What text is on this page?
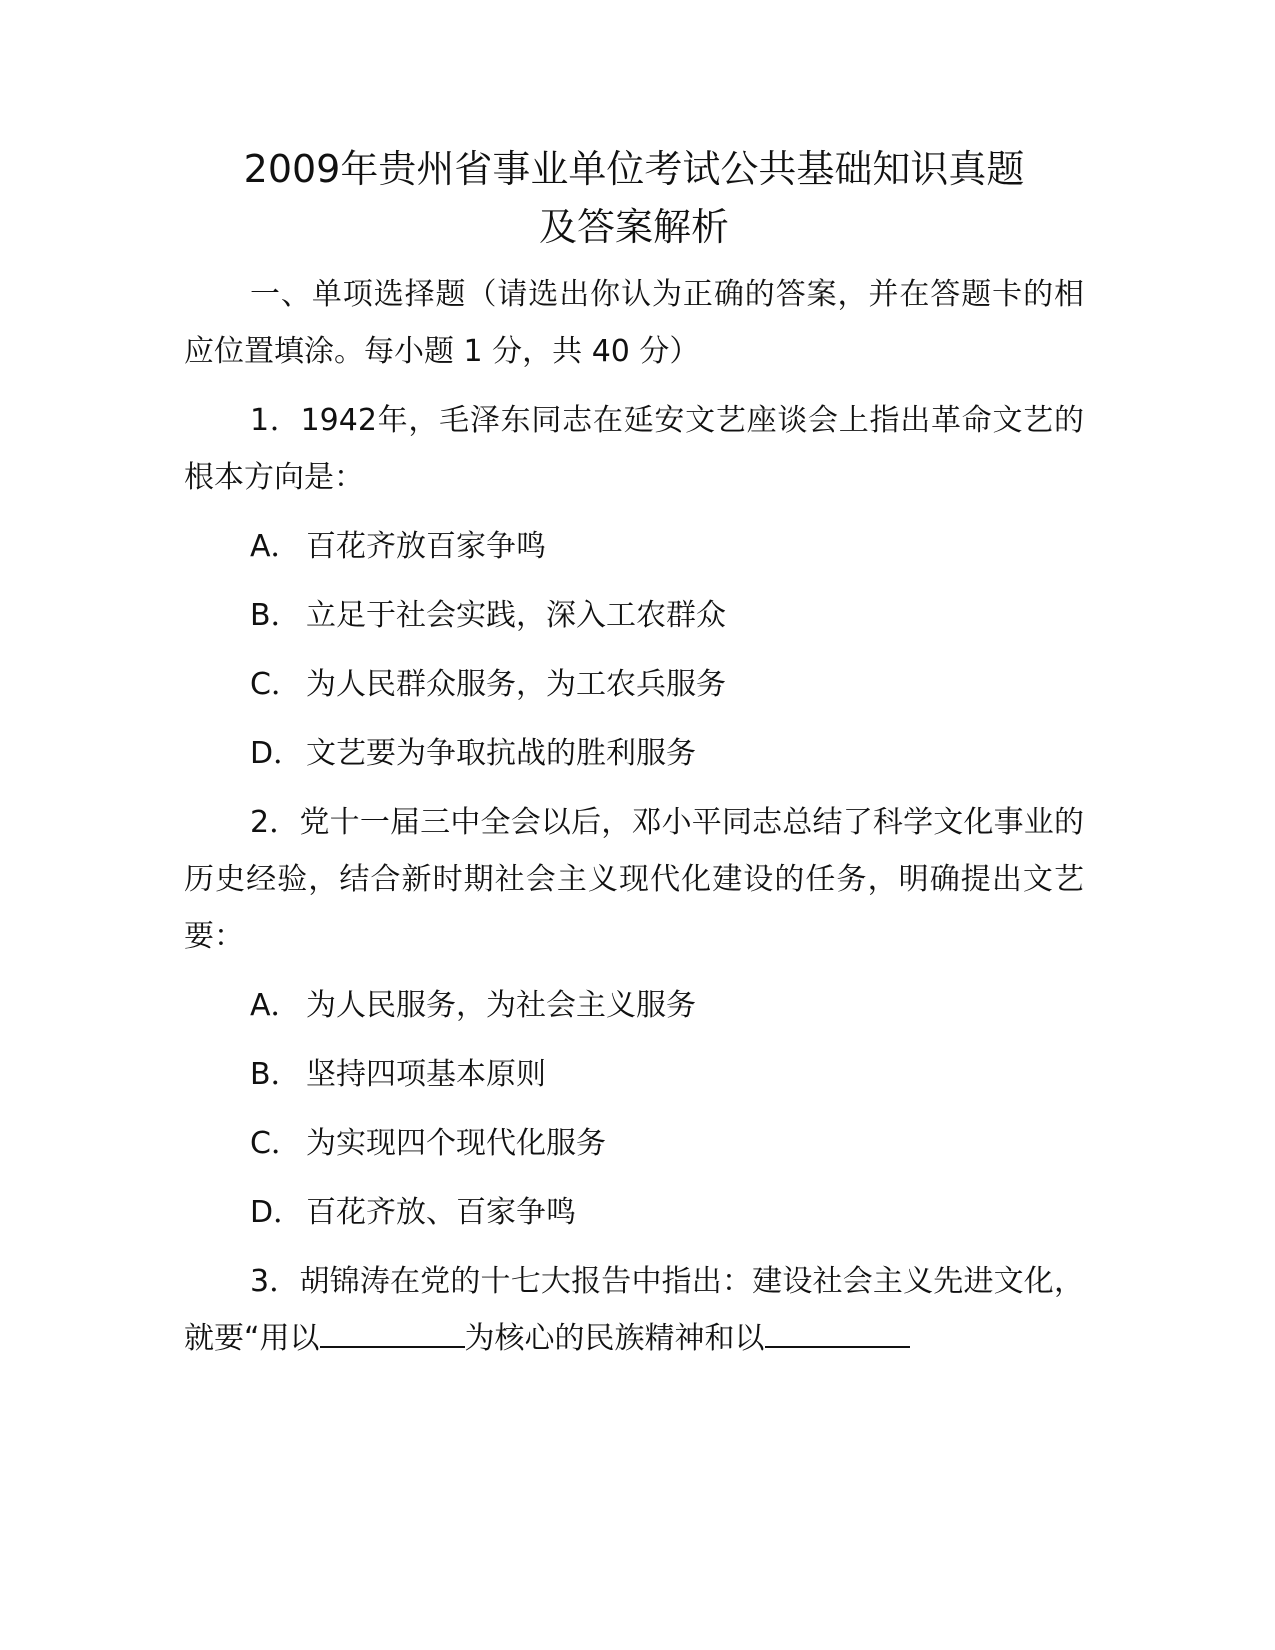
2009年贵州省事业单位考试公共基础知识真题
及答案解析

一、单项选择题（请选出你认为正确的答案，并在答题卡的相应位置填涂。每小题 1 分，共 40 分）

1．1942年，毛泽东同志在延安文艺座谈会上指出革命文艺的根本方向是：

A． 百花齐放百家争鸣
B． 立足于社会实践，深入工农群众
C． 为人民群众服务，为工农兵服务
D．文艺要为争取抗战的胜利服务

2．党十一届三中全会以后，邓小平同志总结了科学文化事业的历史经验，结合新时期社会主义现代化建设的任务，明确提出文艺要：

A． 为人民服务，为社会主义服务
B． 坚持四项基本原则
C． 为实现四个现代化服务
D．百花齐放、百家争鸣

3．胡锦涛在党的十七大报告中指出：建设社会主义先进文化，就要“用以	为核心的民族精神和以
